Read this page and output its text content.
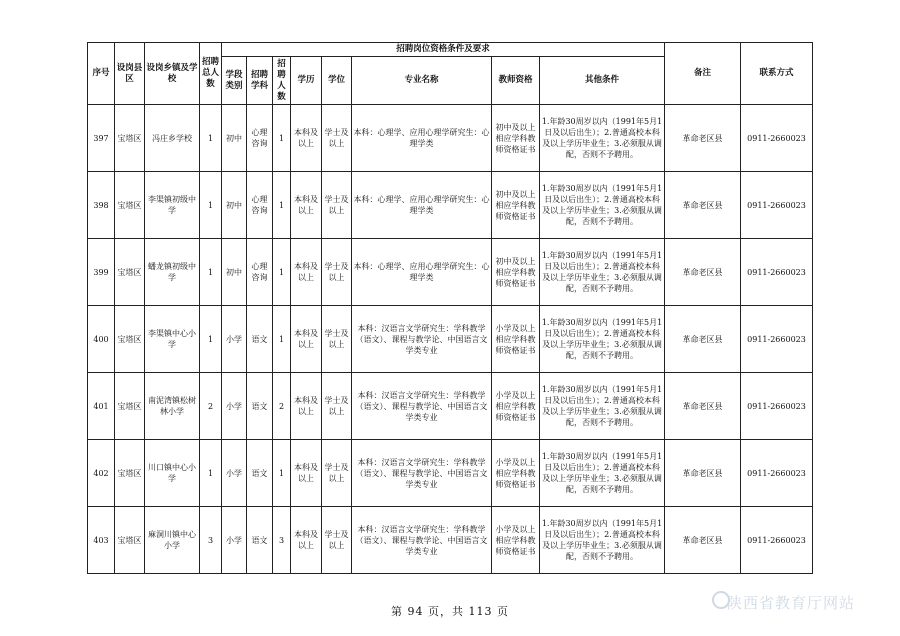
序号	设岗县区	设岗乡镇及学校	招聘总人数	招聘岗位资格条件及要求								备注	联系方式
				学段类别	招聘学科	招聘人数	学历	学位	专业名称	教师资格	其他条件		
397	宝塔区	冯庄乡学校	1	初中	心理咨询	1	本科及以上	学士及以上	本科：心理学、应用心理学研究生：心理学类	初中及以上相应学科教师资格证书	1.年龄30周岁以内（1991年5月1日及以后出生）；2.普通高校本科及以上学历毕业生；3.必须服从调配，否则不予聘用。	革命老区县	0911-2660023
398	宝塔区	李渠镇初级中学	1	初中	心理咨询	1	本科及以上	学士及以上	本科：心理学、应用心理学研究生：心理学类	初中及以上相应学科教师资格证书	1.年龄30周岁以内（1991年5月1日及以后出生）；2.普通高校本科及以上学历毕业生；3.必须服从调配，否则不予聘用。	革命老区县	0911-2660023
399	宝塔区	蟠龙镇初级中学	1	初中	心理咨询	1	本科及以上	学士及以上	本科：心理学、应用心理学研究生：心理学类	初中及以上相应学科教师资格证书	1.年龄30周岁以内（1991年5月1日及以后出生）；2.普通高校本科及以上学历毕业生；3.必须服从调配，否则不予聘用。	革命老区县	0911-2660023
400	宝塔区	李渠镇中心小学	1	小学	语文	1	本科及以上	学士及以上	本科：汉语言文学研究生：学科教学（语文）、课程与教学论、中国语言文学类专业	小学及以上相应学科教师资格证书	1.年龄30周岁以内（1991年5月1日及以后出生）；2.普通高校本科及以上学历毕业生；3.必须服从调配，否则不予聘用。	革命老区县	0911-2660023
401	宝塔区	南泥湾镇松树林小学	2	小学	语文	2	本科及以上	学士及以上	本科：汉语言文学研究生：学科教学（语文）、课程与教学论、中国语言文学类专业	小学及以上相应学科教师资格证书	1.年龄30周岁以内（1991年5月1日及以后出生）；2.普通高校本科及以上学历毕业生；3.必须服从调配，否则不予聘用。	革命老区县	0911-2660023
402	宝塔区	川口镇中心小学	1	小学	语文	1	本科及以上	学士及以上	本科：汉语言文学研究生：学科教学（语文）、课程与教学论、中国语言文学类专业	小学及以上相应学科教师资格证书	1.年龄30周岁以内（1991年5月1日及以后出生）；2.普通高校本科及以上学历毕业生；3.必须服从调配，否则不予聘用。	革命老区县	0911-2660023
403	宝塔区	麻洞川镇中心小学	3	小学	语文	3	本科及以上	学士及以上	本科：汉语言文学研究生：学科教学（语文）、课程与教学论、中国语言文学类专业	小学及以上相应学科教师资格证书	1.年龄30周岁以内（1991年5月1日及以后出生）；2.普通高校本科及以上学历毕业生；3.必须服从调配，否则不予聘用。	革命老区县	0911-2660023
第 94 页，共 113 页	陕西省教育厅网站
